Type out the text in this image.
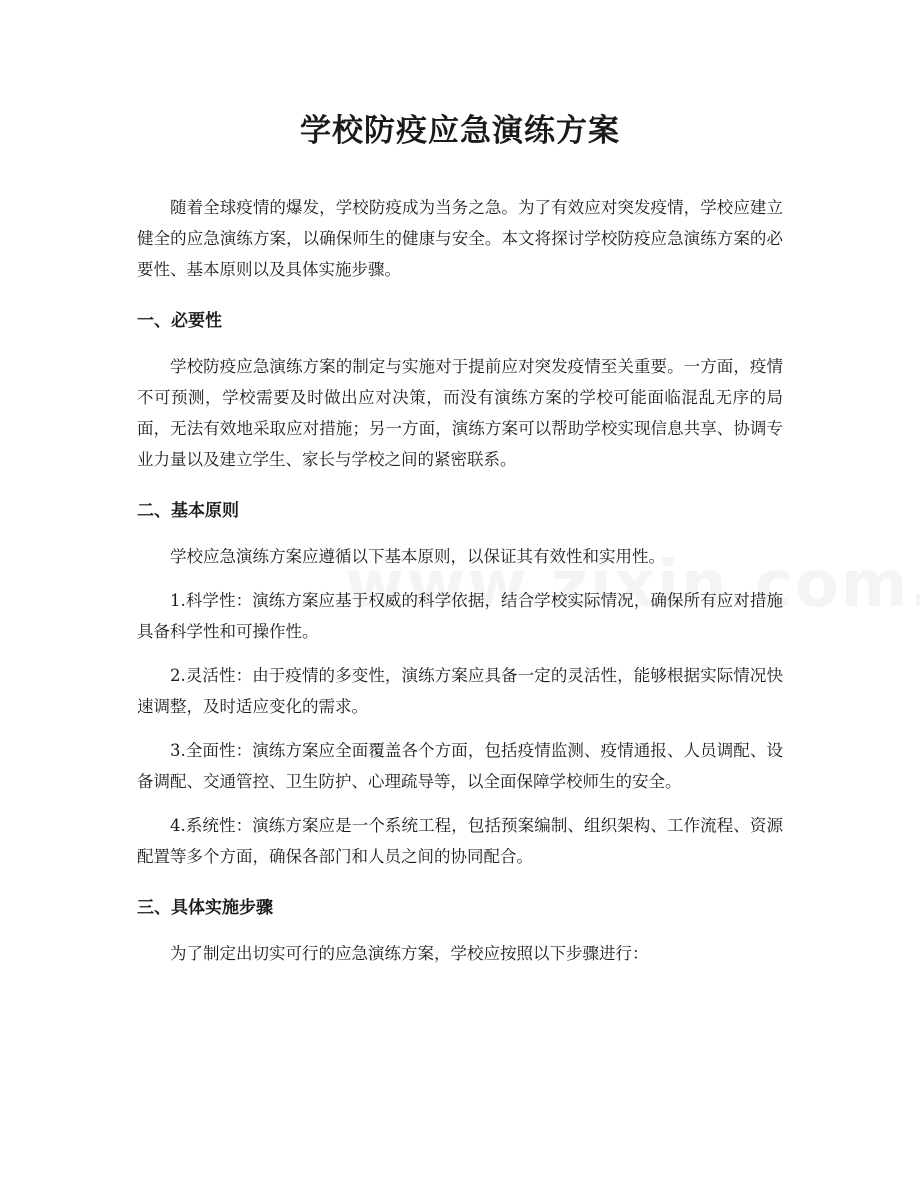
学校防疫应急演练方案

随着全球疫情的爆发，学校防疫成为当务之急。为了有效应对突发疫情，学校应建立健全的应急演练方案，以确保师生的健康与安全。本文将探讨学校防疫应急演练方案的必要性、基本原则以及具体实施步骤。

一、必要性

学校防疫应急演练方案的制定与实施对于提前应对突发疫情至关重要。一方面，疫情不可预测，学校需要及时做出应对决策，而没有演练方案的学校可能面临混乱无序的局面，无法有效地采取应对措施；另一方面，演练方案可以帮助学校实现信息共享、协调专业力量以及建立学生、家长与学校之间的紧密联系。

二、基本原则

学校应急演练方案应遵循以下基本原则，以保证其有效性和实用性。

1.科学性：演练方案应基于权威的科学依据，结合学校实际情况，确保所有应对措施具备科学性和可操作性。

2.灵活性：由于疫情的多变性，演练方案应具备一定的灵活性，能够根据实际情况快速调整，及时适应变化的需求。

3.全面性：演练方案应全面覆盖各个方面，包括疫情监测、疫情通报、人员调配、设备调配、交通管控、卫生防护、心理疏导等，以全面保障学校师生的安全。

4.系统性：演练方案应是一个系统工程，包括预案编制、组织架构、工作流程、资源配置等多个方面，确保各部门和人员之间的协同配合。

三、具体实施步骤

为了制定出切实可行的应急演练方案，学校应按照以下步骤进行：
